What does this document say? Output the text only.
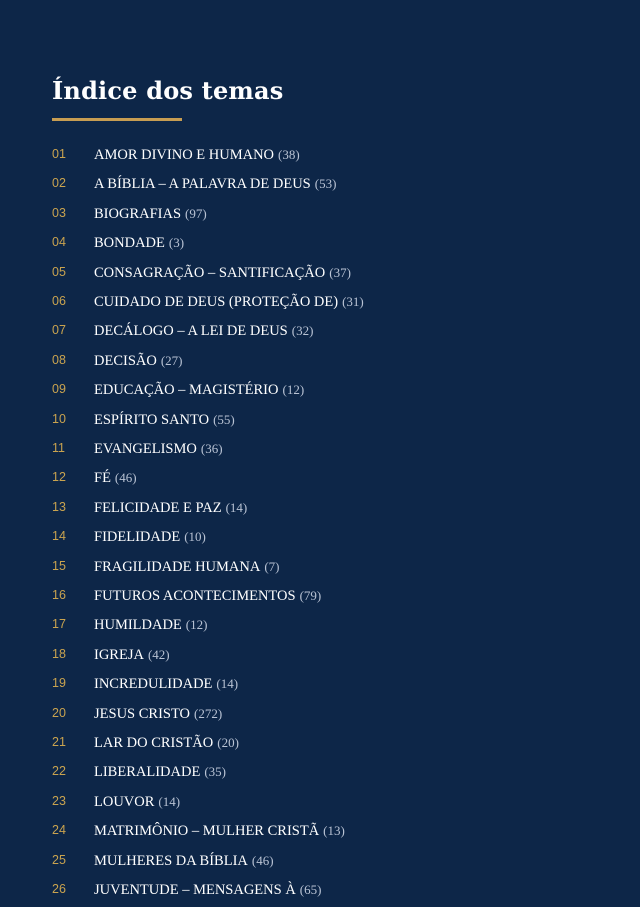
Índice dos temas
01 AMOR DIVINO E HUMANO (38)
02 A BÍBLIA – A PALAVRA DE DEUS (53)
03 BIOGRAFIAS (97)
04 BONDADE (3)
05 CONSAGRAÇÃO – SANTIFICAÇÃO (37)
06 CUIDADO DE DEUS (PROTEÇÃO DE) (31)
07 DECÁLOGO – A LEI DE DEUS (32)
08 DECISÃO (27)
09 EDUCAÇÃO – MAGISTÉRIO (12)
10 ESPÍRITO SANTO (55)
11 EVANGELISMO (36)
12 FÉ (46)
13 FELICIDADE E PAZ (14)
14 FIDELIDADE (10)
15 FRAGILIDADE HUMANA (7)
16 FUTUROS ACONTECIMENTOS (79)
17 HUMILDADE (12)
18 IGREJA (42)
19 INCREDULIDADE (14)
20 JESUS CRISTO (272)
21 LAR DO CRISTÃO (20)
22 LIBERALIDADE (35)
23 LOUVOR (14)
24 MATRIMÔNIO – MULHER CRISTÃ (13)
25 MULHERES DA BÍBLIA (46)
26 JUVENTUDE – MENSAGENS À (65)
